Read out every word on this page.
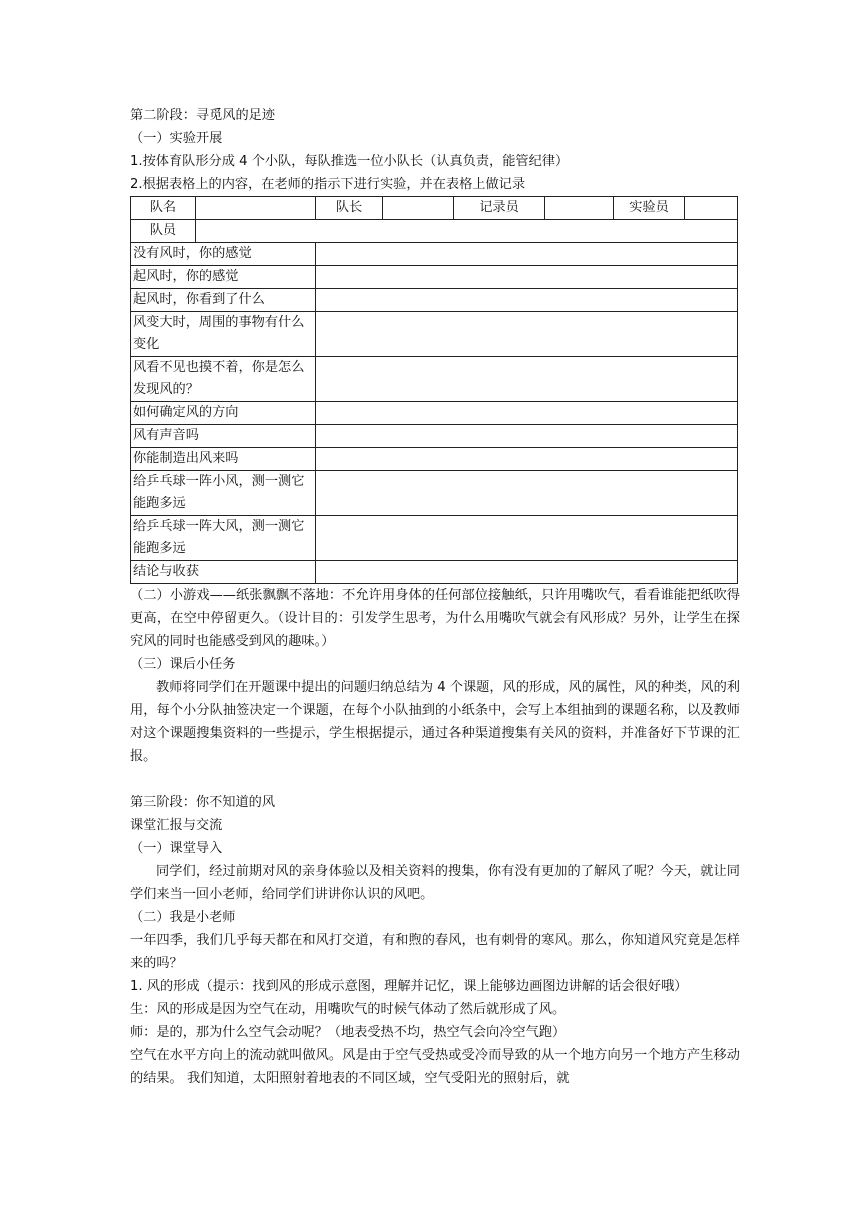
第二阶段：寻觅风的足迹
（一）实验开展
1.按体育队形分成 4 个小队，每队推选一位小队长（认真负责，能管纪律）
2.根据表格上的内容，在老师的指示下进行实验，并在表格上做记录
队名		队长		记录员		实验员	
队员							
没有风时，你的感觉							
起风时，你的感觉							
起风时，你看到了什么							
风变大时，周围的事物有什么变化							
风看不见也摸不着，你是怎么发现风的？							
如何确定风的方向							
风有声音吗							
你能制造出风来吗							
给乒乓球一阵小风，测一测它能跑多远							
给乒乓球一阵大风，测一测它能跑多远							
结论与收获							
（二）小游戏——纸张飘飘不落地：不允许用身体的任何部位接触纸，只许用嘴吹气，看看谁能把纸吹得更高，在空中停留更久。（设计目的：引发学生思考，为什么用嘴吹气就会有风形成？另外，让学生在探究风的同时也能感受到风的趣味。）
（三）课后小任务
教师将同学们在开题课中提出的问题归纳总结为 4 个课题，风的形成，风的属性，风的种类，风的利用，每个小分队抽签决定一个课题，在每个小队抽到的小纸条中，会写上本组抽到的课题名称，以及教师对这个课题搜集资料的一些提示，学生根据提示，通过各种渠道搜集有关风的资料，并准备好下节课的汇报。
第三阶段：你不知道的风
课堂汇报与交流
（一）课堂导入
同学们，经过前期对风的亲身体验以及相关资料的搜集，你有没有更加的了解风了呢？今天，就让同学们来当一回小老师，给同学们讲讲你认识的风吧。
（二）我是小老师
一年四季，我们几乎每天都在和风打交道，有和煦的春风，也有刺骨的寒风。那么，你知道风究竟是怎样来的吗？
1. 风的形成（提示：找到风的形成示意图，理解并记忆，课上能够边画图边讲解的话会很好哦）
生：风的形成是因为空气在动，用嘴吹气的时候气体动了然后就形成了风。
师：是的，那为什么空气会动呢？（地表受热不均，热空气会向冷空气跑）
空气在水平方向上的流动就叫做风。风是由于空气受热或受冷而导致的从一个地方向另一个地方产生移动的结果。 我们知道，太阳照射着地表的不同区域，空气受阳光的照射后，就
